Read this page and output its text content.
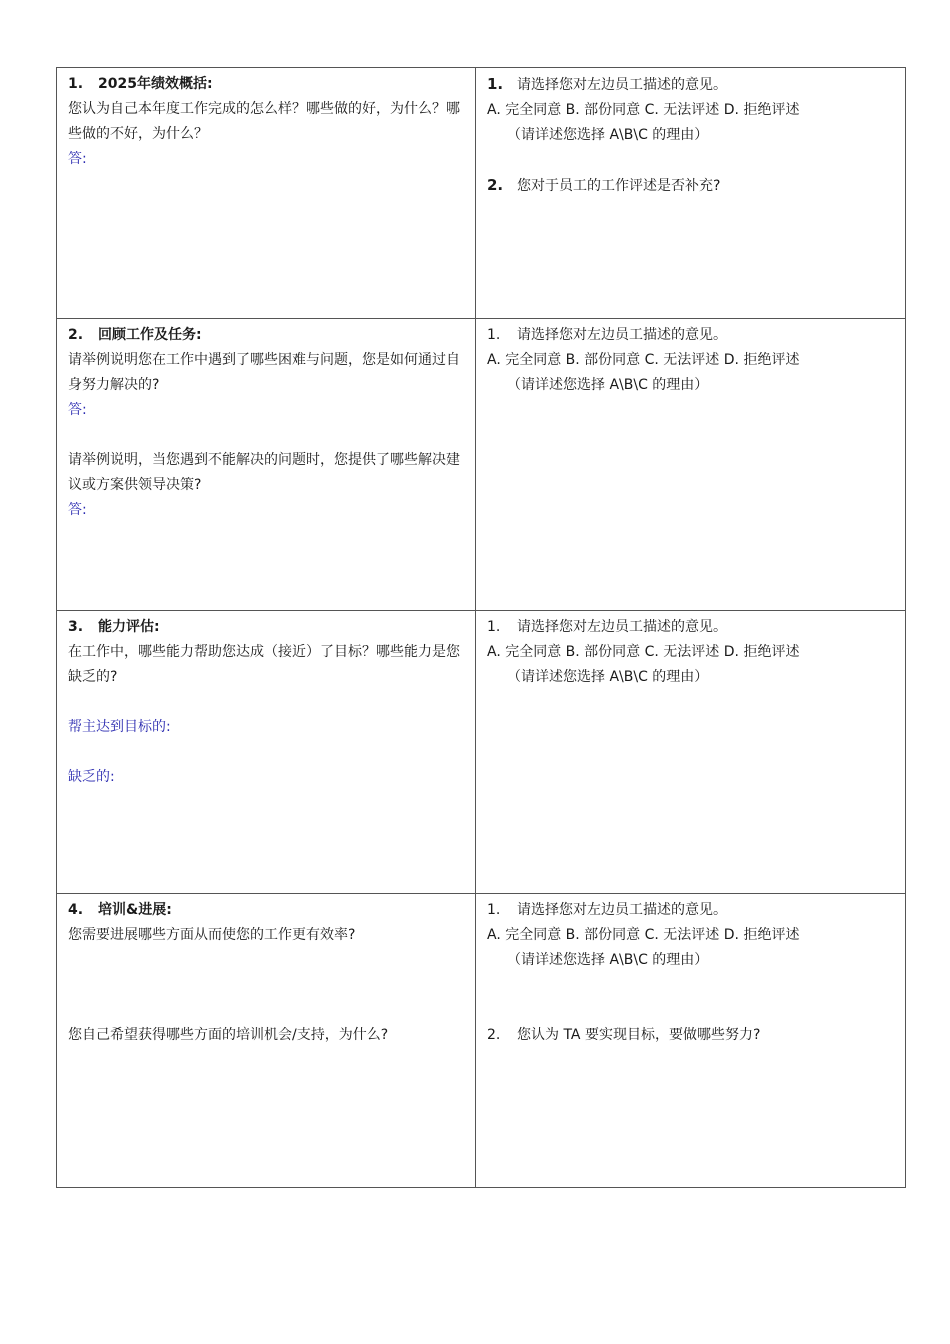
1. 2025年绩效概括:
您认为自己本年度工作完成的怎么样？哪些做的好，为什么？哪些做的不好，为什么？
答:	1. 请选择您对左边员工描述的意见。
A. 完全同意 B. 部份同意 C. 无法评述 D. 拒绝评述
（请详述您选择 A\B\C 的理由）
2. 您对于员工的工作评述是否补充?

2. 回顾工作及任务:
请举例说明您在工作中遇到了哪些困难与问题，您是如何通过自身努力解决的?
答:
请举例说明，当您遇到不能解决的问题时，您提供了哪些解决建议或方案供领导决策?
答:	1. 请选择您对左边员工描述的意见。
A. 完全同意 B. 部份同意 C. 无法评述 D. 拒绝评述
（请详述您选择 A\B\C 的理由）

3. 能力评估:
在工作中，哪些能力帮助您达成（接近）了目标？哪些能力是您缺乏的?
帮主达到目标的:
缺乏的:	1. 请选择您对左边员工描述的意见。
A. 完全同意 B. 部份同意 C. 无法评述 D. 拒绝评述
（请详述您选择 A\B\C 的理由）

4. 培训&进展:
您需要进展哪些方面从而使您的工作更有效率?
您自己希望获得哪些方面的培训机会/支持，为什么?	1. 请选择您对左边员工描述的意见。
A. 完全同意 B. 部份同意 C. 无法评述 D. 拒绝评述
（请详述您选择 A\B\C 的理由）
2. 您认为 TA 要实现目标，要做哪些努力?
